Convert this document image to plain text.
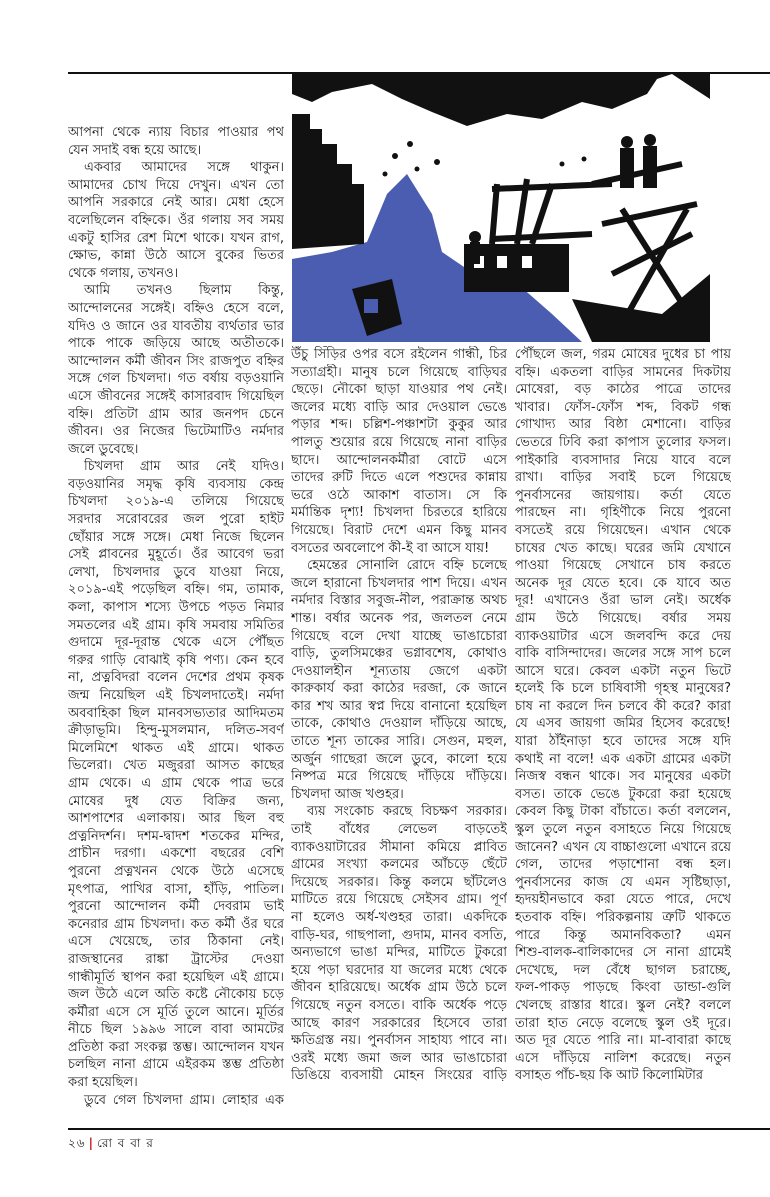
আপনা থেকে ন্যায় বিচার পাওয়ার পথ
যেন সদাই বন্ধ হয়ে আছে।
একবার আমাদের সঙ্গে থাকুন।
আমাদের চোখ দিয়ে দেখুন। এখন তো
আপনি সরকারে নেই আর। মেধা হেসে
বলেছিলেন বহ্নিকে। ওঁর গলায় সব সময়
একটু হাসির রেশ মিশে থাকে। যখন রাগ,
ক্ষোভ, কান্না উঠে আসে বুকের ভিতর
থেকে গলায়, তখনও।
আমি তখনও ছিলাম কিন্তু,
আন্দোলনের সঙ্গেই। বহ্নিও হেসে বলে,
যদিও ও জানে ওর যাবতীয় ব্যর্থতার ভার
পাকে পাকে জড়িয়ে আছে অতীতকে।
আন্দোলন কর্মী জীবন সিং রাজপুত বহ্নির
সঙ্গে গেল চিখলদা। গত বর্ষায় বড়ওয়ানি
এসে জীবনের সঙ্গেই কাসারবাদ গিয়েছিল
বহ্নি। প্রতিটা গ্রাম আর জনপদ চেনে
জীবন। ওর নিজের ভিটেমাটিও নর্মদার
জলে ডুবেছে।
চিখলদা গ্রাম আর নেই যদিও।
বড়ওয়ানির সমৃদ্ধ কৃষি ব্যবসায় কেন্দ্র
চিখলদা ২০১৯-এ তলিয়ে গিয়েছে
সরদার সরোবরের জল পুরো হাইট
ছোঁয়ার সঙ্গে সঙ্গে। মেধা নিজে ছিলেন
সেই প্লাবনের মুহূর্তে। ওঁর আবেগ ভরা
লেখা, চিখলদার ডুবে যাওয়া নিয়ে,
২০১৯-এই পড়েছিল বহ্নি। গম, তামাক,
কলা, কাপাস শস্যে উপচে পড়ত নিমার
সমতলের এই গ্রাম। কৃষি সমবায় সমিতির
গুদামে দূর-দূরান্ত থেকে এসে পৌঁছত
গরুর গাড়ি বোঝাই কৃষি পণ্য। কেন হবে
না, প্রত্নবিদরা বলেন দেশের প্রথম কৃষক
জন্ম নিয়েছিল এই চিখলদাতেই। নর্মদা
অববাহিকা ছিল মানবসভ্যতার আদিমতম
ক্রীড়াভূমি। হিন্দু-মুসলমান, দলিত-সবর্ণ
মিলেমিশে থাকত এই গ্রামে। থাকত
ভিলেরা। খেত মজুররা আসত কাছের
গ্রাম থেকে। এ গ্রাম থেকে পাত্র ভরে
মোষের দুধ যেত বিক্রির জন্য,
আশপাশের এলাকায়। আর ছিল বহু
প্রত্ননিদর্শন। দশম-দ্বাদশ শতকের মন্দির,
প্রাচীন দরগা। একশো বছরের বেশি
পুরনো প্রত্নখনন থেকে উঠে এসেছে
মৃৎপাত্র, পাখির বাসা, হাঁড়ি, পাতিল।
পুরনো আন্দোলন কর্মী দেবরাম ভাই
কনেরার গ্রাম চিখলদা। কত কর্মী ওঁর ঘরে
এসে খেয়েছে, তার ঠিকানা নেই।
রাজস্থানের রাঙ্কা ট্রাস্টের দেওয়া
গান্ধীমূর্তি স্থাপন করা হয়েছিল এই গ্রামে।
জল উঠে এলে অতি কষ্টে নৌকোয় চড়ে
কর্মীরা এসে সে মূর্তি তুলে আনে। মূর্তির
নীচে ছিল ১৯৯৬ সালে বাবা আমটের
প্রতিষ্ঠা করা সংকল্প স্তম্ভ। আন্দোলন যখন
চলছিল নানা গ্রামে এইরকম স্তম্ভ প্রতিষ্ঠা
করা হয়েছিল।
ডুবে গেল চিখলদা গ্রাম। লোহার এক
উঁচু সিঁড়ির ওপর বসে রইলেন গান্ধী, চির
সত্যাগ্রহী। মানুষ চলে গিয়েছে বাড়িঘর
ছেড়ে। নৌকো ছাড়া যাওয়ার পথ নেই।
জলের মধ্যে বাড়ি আর দেওয়াল ভেঙে
পড়ার শব্দ। চল্লিশ-পঞ্চাশটা কুকুর আর
পালতু শুয়োর রয়ে গিয়েছে নানা বাড়ির
ছাদে। আন্দোলনকর্মীরা বোটে এসে
তাদের রুটি দিতে এলে পশুদের কান্নায়
ভরে ওঠে আকাশ বাতাস। সে কি
মর্মান্তিক দৃশ্য! চিখলদা চিরতরে হারিয়ে
গিয়েছে। বিরাট দেশে এমন কিছু মানব
বসতের অবলোপে কী-ই বা আসে যায়!
হেমন্তের সোনালি রোদে বহ্নি চলেছে
জলে হারানো চিখলদার পাশ দিয়ে। এখন
নর্মদার বিস্তার সবুজ-নীল, পরাক্রান্ত অথচ
শান্ত। বর্ষার অনেক পর, জলতল নেমে
গিয়েছে বলে দেখা যাচ্ছে ভাঙাচোরা
বাড়ি, তুলসিমঞ্চের ভগ্নাবশেষ, কোথাও
দেওয়ালহীন শূন্যতায় জেগে একটা
কারুকার্য করা কাঠের দরজা, কে জানে
কার শখ আর স্বপ্ন দিয়ে বানানো হয়েছিল
তাকে, কোথাও দেওয়াল দাঁড়িয়ে আছে,
তাতে শূন্য তাকের সারি। সেগুন, মহুল,
অর্জুন গাছেরা জলে ডুবে, কালো হয়ে
নিষ্পত্র মরে গিয়েছে দাঁড়িয়ে দাঁড়িয়ে।
চিখলদা আজ খণ্ডহর।
ব্যয় সংকোচ করছে বিচক্ষণ সরকার।
তাই বাঁধের লেভেল বাড়তেই
ব্যাকওয়াটারের সীমানা কমিয়ে প্লাবিত
গ্রামের সংখ্যা কলমের আঁচড়ে ছেঁটে
দিয়েছে সরকার। কিন্তু কলমে ছাঁটলেও
মাটিতে রয়ে গিয়েছে সেইসব গ্রাম। পূর্ণ
না হলেও অর্ধ-খণ্ডহর তারা। একদিকে
বাড়ি-ঘর, গাছপালা, গুদাম, মানব বসতি,
অন্যভাগে ভাঙা মন্দির, মাটিতে টুকরো
হয়ে পড়া ঘরদোর যা জলের মধ্যে থেকে
জীবন হারিয়েছে। অর্ধেক গ্রাম উঠে চলে
গিয়েছে নতুন বসতে। বাকি অর্ধেক পড়ে
আছে কারণ সরকারের হিসেবে তারা
ক্ষতিগ্রস্ত নয়। পুনর্বাসন সাহায্য পাবে না।
ওরই মধ্যে জমা জল আর ভাঙাচোরা
ডিঙিয়ে ব্যবসায়ী মোহন সিংয়ের বাড়ি
পৌঁছলে জল, গরম মোষের দুধের চা পায়
বহ্নি। একতলা বাড়ির সামনের দিকটায়
মোষেরা, বড় কাঠের পাত্রে তাদের
খাবার। ফোঁস-ফোঁস শব্দ, বিকট গন্ধ
গোখাদ্য আর বিষ্ঠা মেশানো। বাড়ির
ভেতরে ঢিবি করা কাপাস তুলোর ফসল।
পাইকারি ব্যবসাদার নিয়ে যাবে বলে
রাখা। বাড়ির সবাই চলে গিয়েছে
পুনর্বাসনের জায়গায়। কর্তা যেতে
পারছেন না। গৃহিণীকে নিয়ে পুরনো
বসতেই রয়ে গিয়েছেন। এখান থেকে
চাষের খেত কাছে। ঘরের জমি যেখানে
পাওয়া গিয়েছে সেখানে চাষ করতে
অনেক দূর যেতে হবে। কে যাবে অত
দূর! এখানেও ওঁরা ভাল নেই। অর্ধেক
গ্রাম উঠে গিয়েছে। বর্ষার সময়
ব্যাকওয়াটার এসে জলবন্দি করে দেয়
বাকি বাসিন্দাদের। জলের সঙ্গে সাপ চলে
আসে ঘরে। কেবল একটা নতুন ভিটে
হলেই কি চলে চাষিবাসী গৃহস্থ মানুষের?
চাষ না করলে দিন চলবে কী করে? কারা
যে এসব জায়গা জমির হিসেব করেছে!
যারা ঠাঁইনাড়া হবে তাদের সঙ্গে যদি
কথাই না বলে! এক একটা গ্রামের একটা
নিজস্ব বন্ধন থাকে। সব মানুষের একটা
বসত। তাকে ভেঙে টুকরো করা হয়েছে
কেবল কিছু টাকা বাঁচাতে। কর্তা বললেন,
স্কুল তুলে নতুন বসাহতে নিয়ে গিয়েছে
জানেন? এখন যে বাচ্চাগুলো এখানে রয়ে
গেল, তাদের পড়াশোনা বন্ধ হল।
পুনর্বাসনের কাজ যে এমন সৃষ্টিছাড়া,
হৃদয়হীনভাবে করা যেতে পারে, দেখে
হতবাক বহ্নি। পরিকল্পনায় ত্রুটি থাকতে
পারে কিন্তু অমানবিকতা? এমন
শিশু-বালক-বালিকাদের সে নানা গ্রামেই
দেখেছে, দল বেঁধে ছাগল চরাচ্ছে,
ফল-পাকড় পাড়ছে কিংবা ডান্ডা-গুলি
খেলছে রাস্তার ধারে। স্কুল নেই? বললে
তারা হাত নেড়ে বলেছে স্কুল ওই দূরে।
অত দূর যেতে পারি না। মা-বাবারা কাছে
এসে দাঁড়িয়ে নালিশ করেছে। নতুন
বসাহত পাঁচ-ছয় কি আট কিলোমিটার
২৬ | রো ব বা র
